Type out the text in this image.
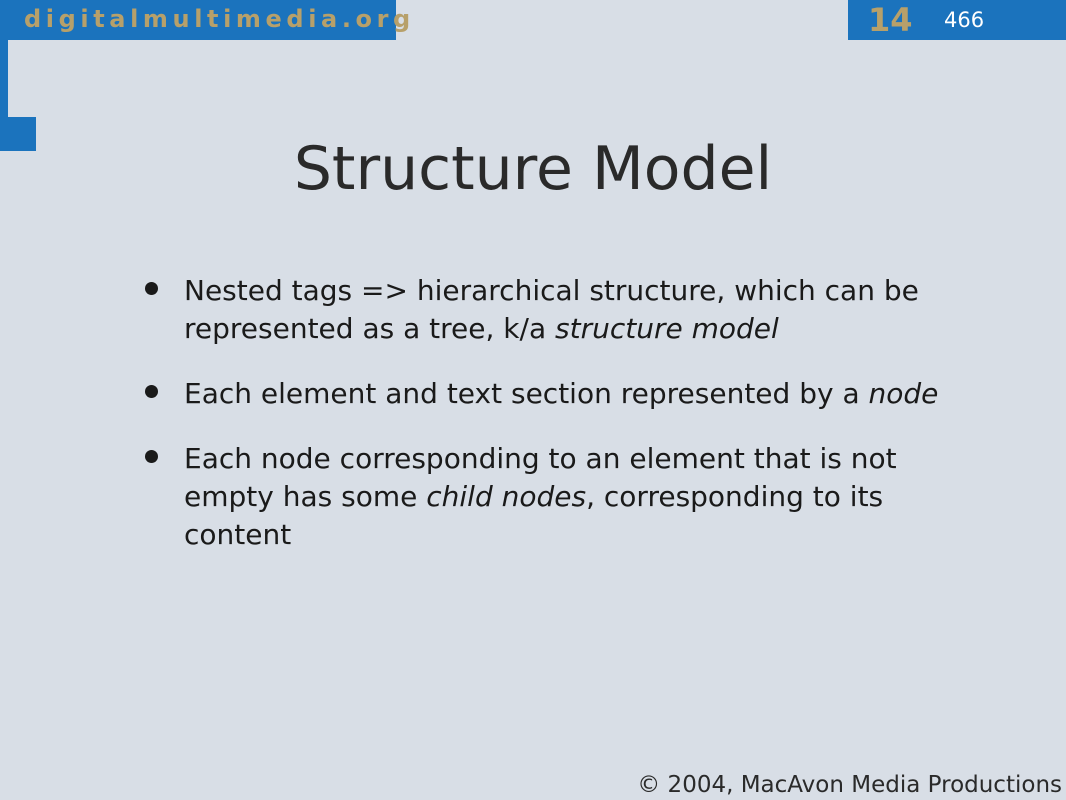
digitalmultimedia.org	14 466
Structure Model
Nested tags => hierarchical structure, which can be represented as a tree, k/a structure model
Each element and text section represented by a node
Each node corresponding to an element that is not empty has some child nodes, corresponding to its content
© 2004, MacAvon Media Productions
